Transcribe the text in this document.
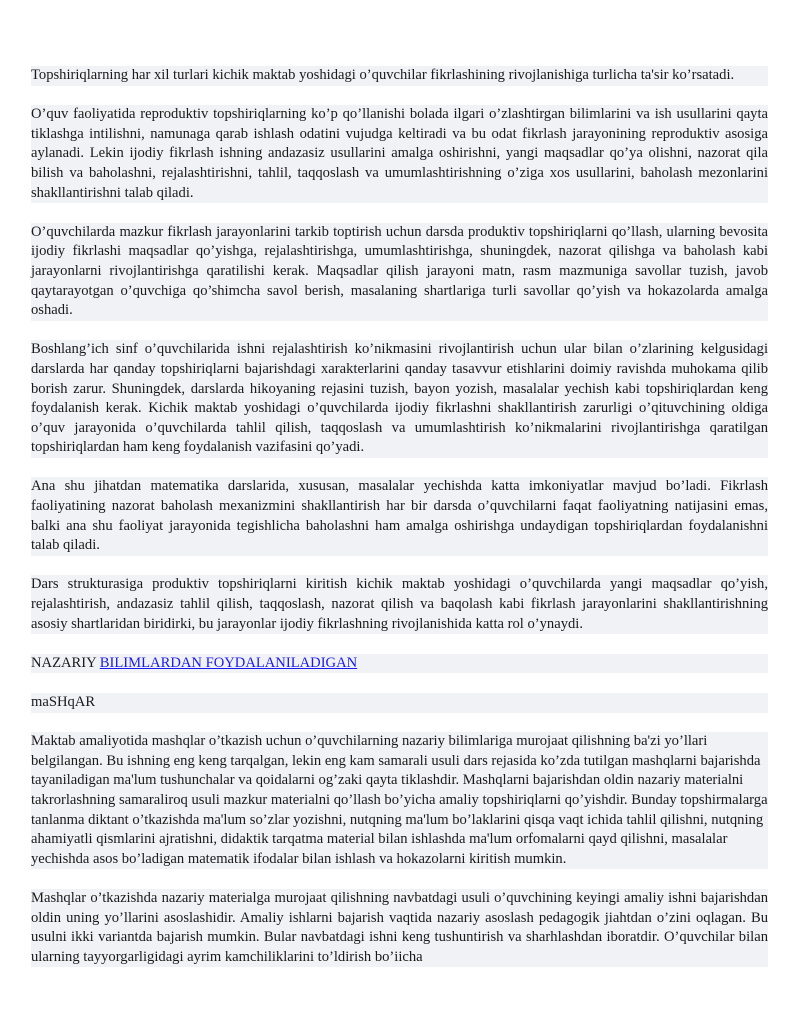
Topshiriqlarning har xil turlari kichik maktab yoshidagi o’quvchilar fikrlashining rivojlanishiga turlicha ta'sir ko’rsatadi.

O’quv faoliyatida reproduktiv topshiriqlarning ko’p qo’llanishi bolada ilgari o’zlashtirgan bilimlarini va ish usullarini qayta tiklashga intilishni, namunaga qarab ishlash odatini vujudga keltiradi va bu odat fikrlash jarayonining reproduktiv asosiga aylanadi. Lekin ijodiy fikrlash ishning andazasiz usullarini amalga oshirishni, yangi maqsadlar qo’ya olishni, nazorat qila bilish va baholashni, rejalashtirishni, tahlil, taqqoslash va umumlashtirishning o’ziga xos usullarini, baholash mezonlarini shakllantirishni talab qiladi.

O’quvchilarda mazkur fikrlash jarayonlarini tarkib toptirish uchun darsda produktiv topshiriqlarni qo’llash, ularning bevosita ijodiy fikrlashi maqsadlar qo’yishga, rejalashtirishga, umumlashtirishga, shuningdek, nazorat qilishga va baholash kabi jarayonlarni rivojlantirishga qaratilishi kerak. Maqsadlar qilish jarayoni matn, rasm mazmuniga savollar tuzish, javob qaytarayotgan o’quvchiga qo’shimcha savol berish, masalaning shartlariga turli savollar qo’yish va hokazolarda amalga oshadi.

Boshlang’ich sinf o’quvchilarida ishni rejalashtirish ko’nikmasini rivojlantirish uchun ular bilan o’zlarining kelgusidagi darslarda har qanday topshiriqlarni bajarishdagi xarakterlarini qanday tasavvur etishlarini doimiy ravishda muhokama qilib borish zarur. Shuningdek, darslarda hikoyaning rejasini tuzish, bayon yozish, masalalar yechish kabi topshiriqlardan keng foydalanish kerak. Kichik maktab yoshidagi o’quvchilarda ijodiy fikrlashni shakllantirish zarurligi o’qituvchining oldiga o’quv jarayonida o’quvchilarda tahlil qilish, taqqoslash va umumlashtirish ko’nikmalarini rivojlantirishga qaratilgan topshiriqlardan ham keng foydalanish vazifasini qo’yadi.

Ana shu jihatdan matematika darslarida, xususan, masalalar yechishda katta imkoniyatlar mavjud bo’ladi. Fikrlash faoliyatining nazorat baholash mexanizmini shakllantirish har bir darsda o’quvchilarni faqat faoliyatning natijasini emas, balki ana shu faoliyat jarayonida tegishlicha baholashni ham amalga oshirishga undaydigan topshiriqlardan foydalanishni talab qiladi.

Dars strukturasiga produktiv topshiriqlarni kiritish kichik maktab yoshidagi o’quvchilarda yangi maqsadlar qo’yish, rejalashtirish, andazasiz tahlil qilish, taqqoslash, nazorat qilish va baqolash kabi fikrlash jarayonlarini shakllantirishning asosiy shartlaridan biridirki, bu jarayonlar ijodiy fikrlashning rivojlanishida katta rol o’ynaydi.

NAZARIY BILIMLARDAN FOYDALANILADIGAN

maSHqAR

Maktab amaliyotida mashqlar o’tkazish uchun o’quvchilarning nazariy bilimlariga murojaat qilishning ba'zi yo’llari belgilangan. Bu ishning eng keng tarqalgan, lekin eng kam samarali usuli dars rejasida ko’zda tutilgan mashqlarni bajarishda tayaniladigan ma'lum tushunchalar va qoidalarni og’zaki qayta tiklashdir. Mashqlarni bajarishdan oldin nazariy materialni takrorlashning samaraliroq usuli mazkur materialni qo’llash bo’yicha amaliy topshiriqlarni qo’yishdir. Bunday topshirmalarga tanlanma diktant o’tkazishda ma'lum so’zlar yozishni, nutqning ma'lum bo’laklarini qisqa vaqt ichida tahlil qilishni, nutqning ahamiyatli qismlarini ajratishni, didaktik tarqatma material bilan ishlashda ma'lum orfomalarni qayd qilishni, masalalar yechishda asos bo’ladigan matematik ifodalar bilan ishlash va hokazolarni kiritish mumkin.

Mashqlar o’tkazishda nazariy materialga murojaat qilishning navbatdagi usuli o’quvchining keyingi amaliy ishni bajarishdan oldin uning yo’llarini asoslashidir. Amaliy ishlarni bajarish vaqtida nazariy asoslash pedagogik jiahtdan o’zini oqlagan. Bu usulni ikki variantda bajarish mumkin. Bular navbatdagi ishni keng tushuntirish va sharhlashdan iboratdir. O’quvchilar bilan ularning tayyorgarligidagi ayrim kamchiliklarini to’ldirish bo’iicha
